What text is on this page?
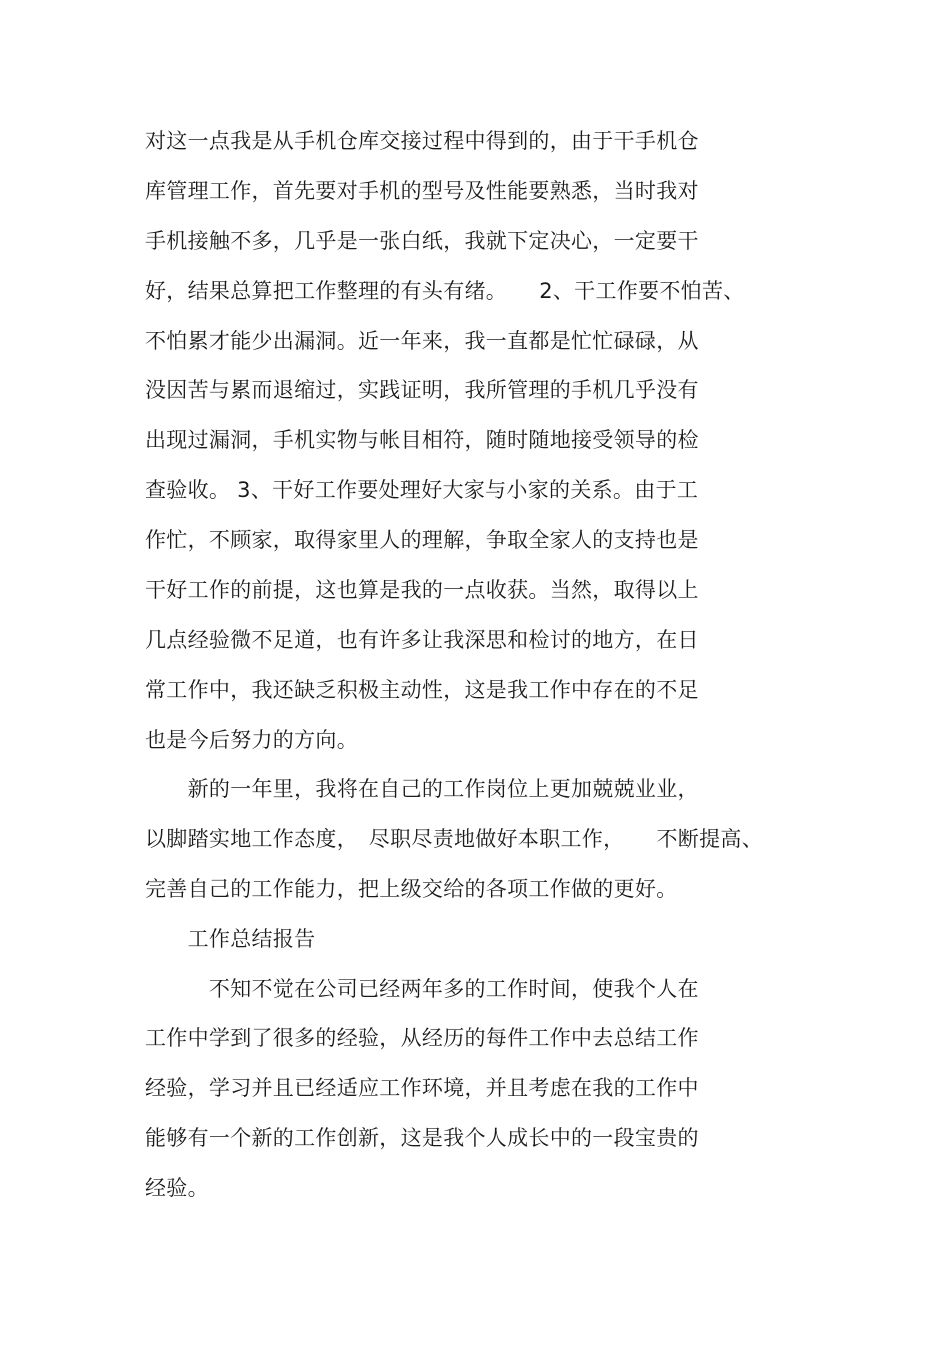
对这一点我是从手机仓库交接过程中得到的，由于干手机仓
库管理工作，首先要对手机的型号及性能要熟悉，当时我对
手机接触不多，几乎是一张白纸，我就下定决心，一定要干
好，结果总算把工作整理的有头有绪。　　2、干工作要不怕苦、
不怕累才能少出漏洞。近一年来，我一直都是忙忙碌碌，从
没因苦与累而退缩过，实践证明，我所管理的手机几乎没有
出现过漏洞，手机实物与帐目相符，随时随地接受领导的检
查验收。 3、干好工作要处理好大家与小家的关系。由于工
作忙，不顾家，取得家里人的理解，争取全家人的支持也是
干好工作的前提，这也算是我的一点收获。当然，取得以上
几点经验微不足道，也有许多让我深思和检讨的地方，在日
常工作中，我还缺乏积极主动性，这是我工作中存在的不足
也是今后努力的方向。
　　新的一年里，我将在自己的工作岗位上更加兢兢业业，
以脚踏实地工作态度，　尽职尽责地做好本职工作，　　不断提高、
完善自己的工作能力，把上级交给的各项工作做的更好。
　　工作总结报告
　　　不知不觉在公司已经两年多的工作时间，使我个人在
工作中学到了很多的经验，从经历的每件工作中去总结工作
经验，学习并且已经适应工作环境，并且考虑在我的工作中
能够有一个新的工作创新，这是我个人成长中的一段宝贵的
经验。
